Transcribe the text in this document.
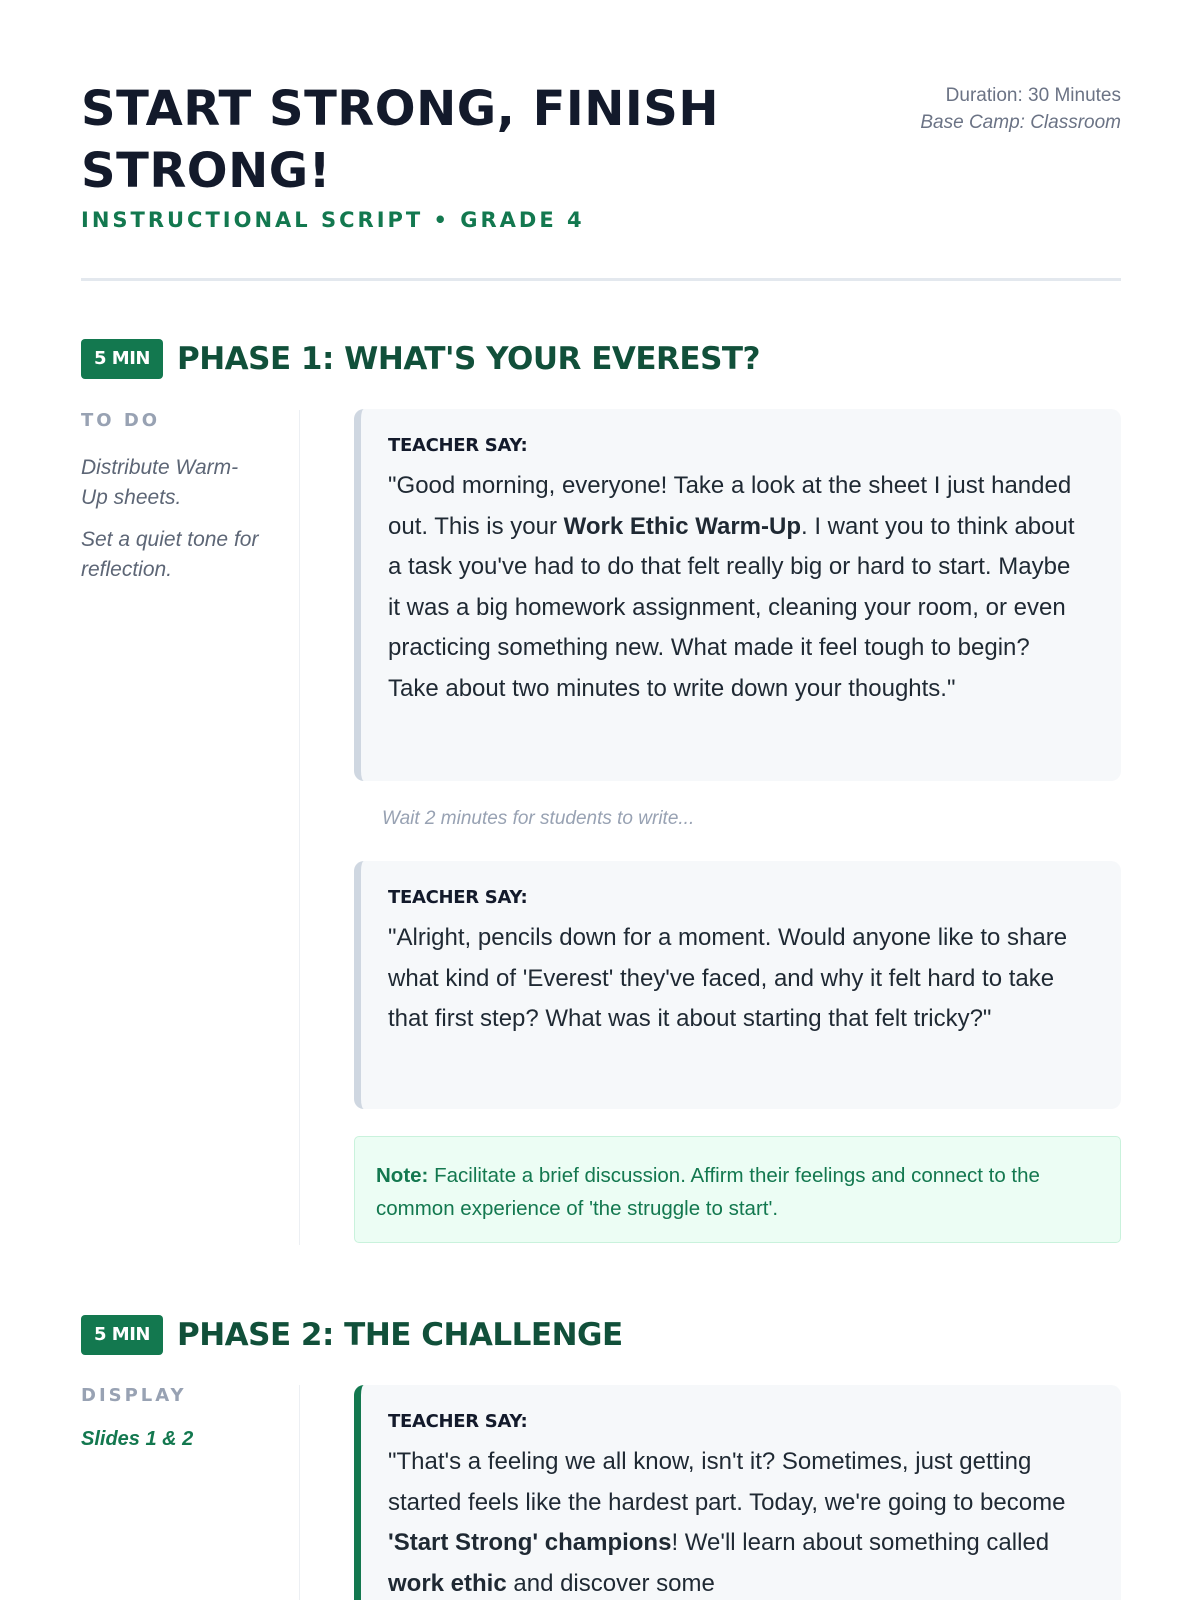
START STRONG, FINISH STRONG!
INSTRUCTIONAL SCRIPT • GRADE 4
Duration: 30 Minutes
Base Camp: Classroom
5 MIN PHASE 1: WHAT'S YOUR EVEREST?
TO DO
Distribute Warm-Up sheets.
Set a quiet tone for reflection.
TEACHER SAY:
"Good morning, everyone! Take a look at the sheet I just handed out. This is your Work Ethic Warm-Up. I want you to think about a task you've had to do that felt really big or hard to start. Maybe it was a big homework assignment, cleaning your room, or even practicing something new. What made it feel tough to begin? Take about two minutes to write down your thoughts."
Wait 2 minutes for students to write...
TEACHER SAY:
"Alright, pencils down for a moment. Would anyone like to share what kind of 'Everest' they've faced, and why it felt hard to take that first step? What was it about starting that felt tricky?"
Note: Facilitate a brief discussion. Affirm their feelings and connect to the common experience of 'the struggle to start'.
5 MIN PHASE 2: THE CHALLENGE
DISPLAY
Slides 1 & 2
TEACHER SAY:
"That's a feeling we all know, isn't it? Sometimes, just getting started feels like the hardest part. Today, we're going to become 'Start Strong' champions! We'll learn about something called work ethic and discover some
